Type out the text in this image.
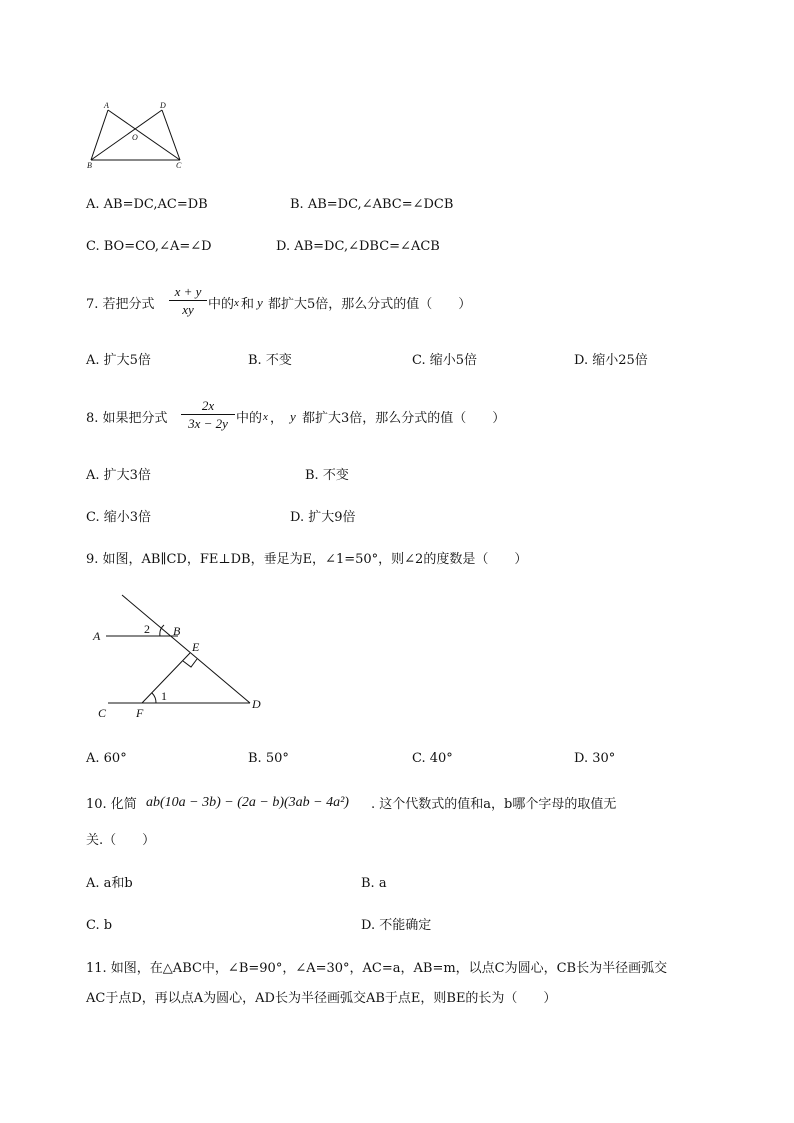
A	D
O
B	C
A. AB=DC,AC=DB	B. AB=DC,∠ABC=∠DCB
C. BO=CO,∠A=∠D	D. AB=DC,∠DBC=∠ACB
7. 若把分式
x + y
xy	中的 x 和 y 都扩大5倍，那么分式的值（　　）
A. 扩大5倍	B. 不变	C. 缩小5倍	D. 缩小25倍
8. 如果把分式
2x
3x − 2y 中的 x ， y 都扩大3倍，那么分式的值（　　）
A. 扩大3倍	B. 不变
C. 缩小3倍	D. 扩大9倍
9. 如图，AB∥CD，FE⊥DB，垂足为E，∠1=50°，则∠2的度数是（　　）
A	2 B
E
C F
1
D
A. 60°	B. 50°	C. 40°	D. 30°
10. 化简 ab(10a − 3b) − (2a − b)(3ab − 4a²) . 这个代数式的值和a，b哪个字母的取值无
关.（　　）
A. a和b	B. a
C. b	D. 不能确定
11. 如图，在△ABC中，∠B=90°，∠A=30°，AC=a，AB=m，以点C为圆心，CB长为半径画弧交
AC于点D，再以点A为圆心，AD长为半径画弧交AB于点E，则BE的长为（　　）
